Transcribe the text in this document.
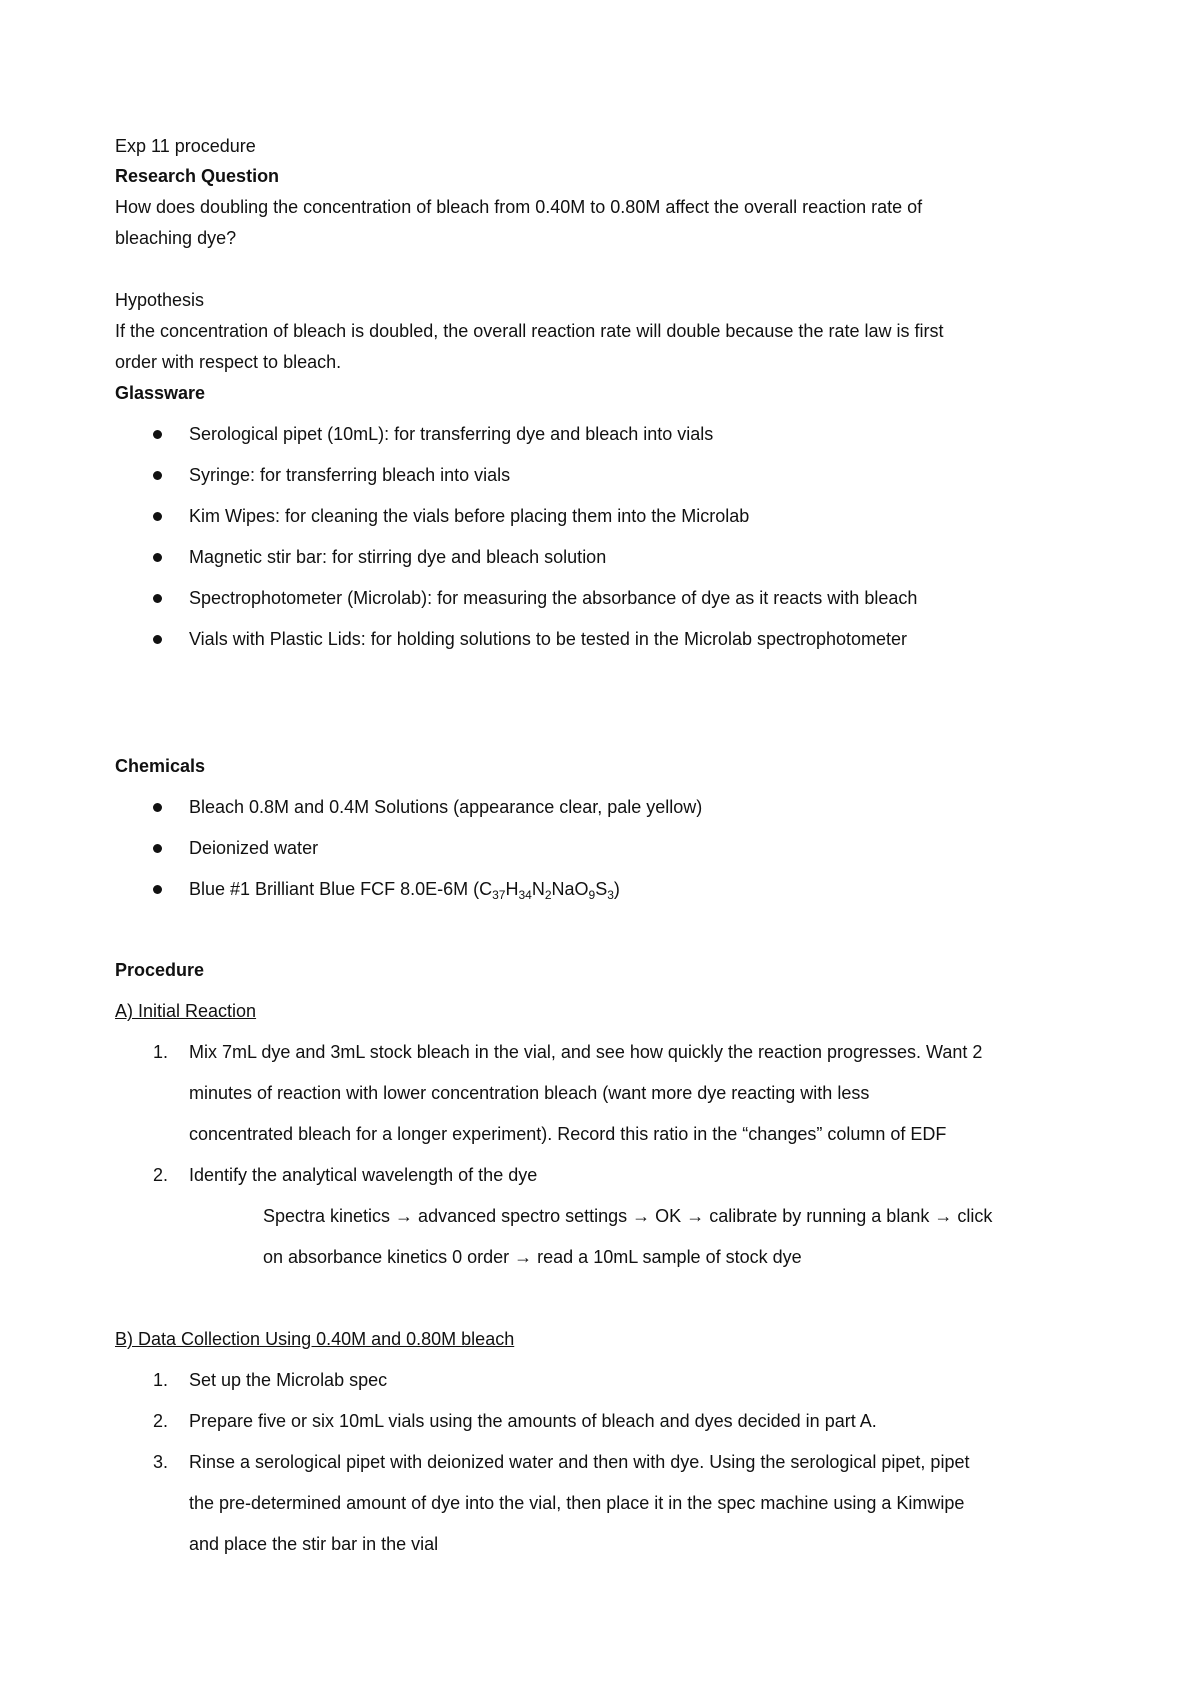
Exp 11 procedure
Research Question
How does doubling the concentration of bleach from 0.40M to 0.80M affect the overall reaction rate of
bleaching dye?
Hypothesis
If the concentration of bleach is doubled, the overall reaction rate will double because the rate law is first
order with respect to bleach.
Glassware
Serological pipet (10mL): for transferring dye and bleach into vials
Syringe: for transferring bleach into vials
Kim Wipes: for cleaning the vials before placing them into the Microlab
Magnetic stir bar: for stirring dye and bleach solution
Spectrophotometer (Microlab): for measuring the absorbance of dye as it reacts with bleach
Vials with Plastic Lids: for holding solutions to be tested in the Microlab spectrophotometer
Chemicals
Bleach 0.8M and 0.4M Solutions (appearance clear, pale yellow)
Deionized water
Blue #1 Brilliant Blue FCF 8.0E-6M $(C_{37}H_{34}N_2NaO_9S_3)$
Procedure
A) Initial Reaction
1. Mix 7mL dye and 3mL stock bleach in the vial, and see how quickly the reaction progresses. Want 2
minutes of reaction with lower concentration bleach (want more dye reacting with less
concentrated bleach for a longer experiment). Record this ratio in the “changes” column of EDF
2. Identify the analytical wavelength of the dye
Spectra kinetics → advanced spectro settings → OK → calibrate by running a blank → click
on absorbance kinetics 0 order → read a 10mL sample of stock dye
B) Data Collection Using 0.40M and 0.80M bleach
1. Set up the Microlab spec
2. Prepare five or six 10mL vials using the amounts of bleach and dyes decided in part A.
3. Rinse a serological pipet with deionized water and then with dye. Using the serological pipet, pipet
the pre-determined amount of dye into the vial, then place it in the spec machine using a Kimwipe
and place the stir bar in the vial
